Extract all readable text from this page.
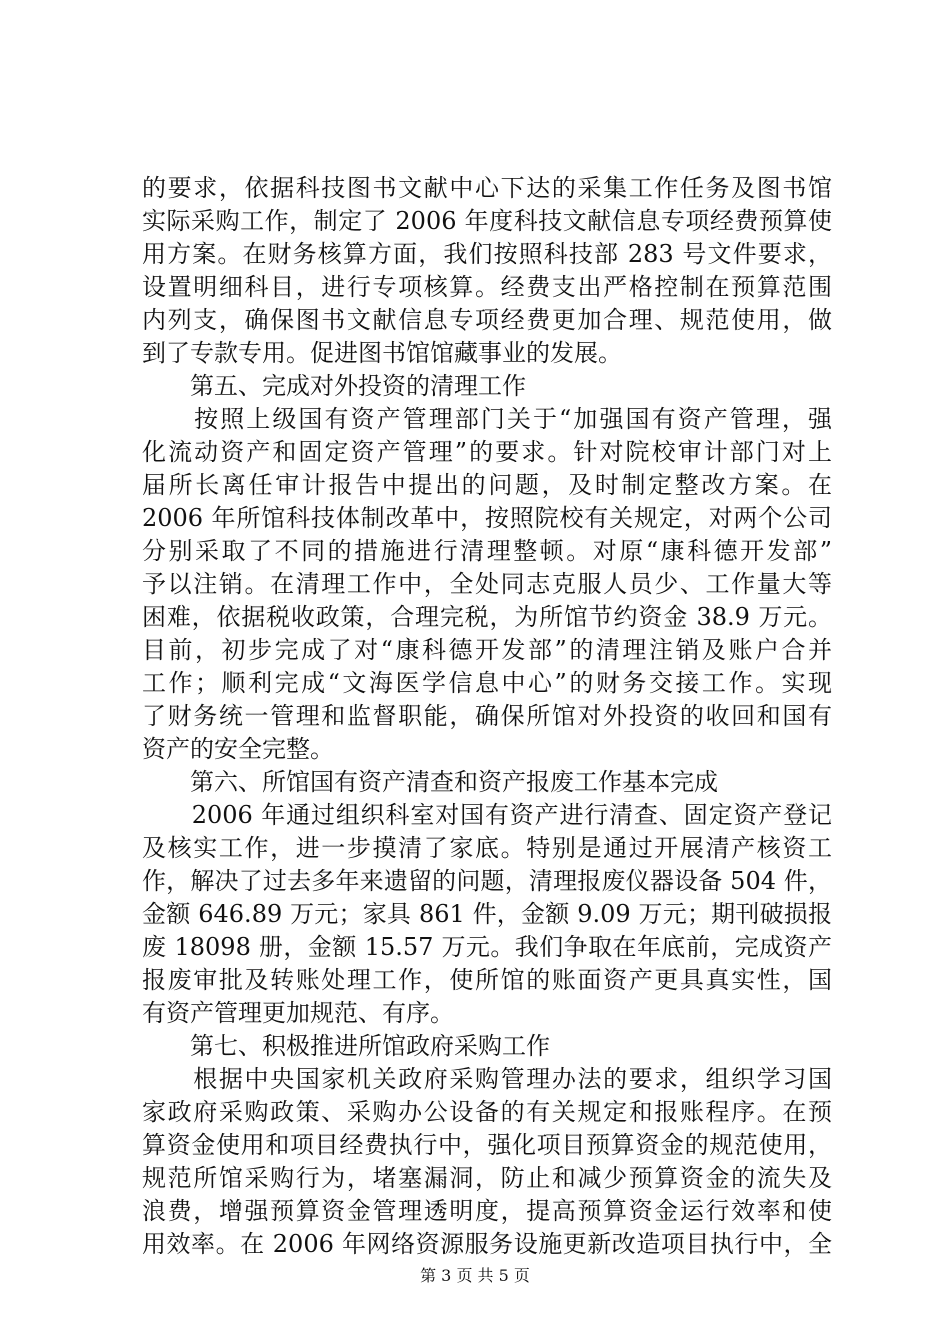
的要求，依据科技图书文献中心下达的采集工作任务及图书馆
实际采购工作，制定了 2006 年度科技文献信息专项经费预算使
用方案。在财务核算方面，我们按照科技部 283 号文件要求，
设置明细科目，进行专项核算。经费支出严格控制在预算范围
内列支，确保图书文献信息专项经费更加合理、规范使用，做
到了专款专用。促进图书馆馆藏事业的发展。
　　第五、完成对外投资的清理工作
　　按照上级国有资产管理部门关于“加强国有资产管理，强
化流动资产和固定资产管理”的要求。针对院校审计部门对上
届所长离任审计报告中提出的问题，及时制定整改方案。在
2006 年所馆科技体制改革中，按照院校有关规定，对两个公司
分别采取了不同的措施进行清理整顿。对原“康科德开发部”
予以注销。在清理工作中，全处同志克服人员少、工作量大等
困难，依据税收政策，合理完税，为所馆节约资金 38.9 万元。
目前，初步完成了对“康科德开发部”的清理注销及账户合并
工作；顺利完成“文海医学信息中心”的财务交接工作。实现
了财务统一管理和监督职能，确保所馆对外投资的收回和国有
资产的安全完整。
　　第六、所馆国有资产清查和资产报废工作基本完成
　　2006 年通过组织科室对国有资产进行清查、固定资产登记
及核实工作，进一步摸清了家底。特别是通过开展清产核资工
作，解决了过去多年来遗留的问题，清理报废仪器设备 504 件，
金额 646.89 万元；家具 861 件，金额 9.09 万元；期刊破损报
废 18098 册，金额 15.57 万元。我们争取在年底前，完成资产
报废审批及转账处理工作，使所馆的账面资产更具真实性，国
有资产管理更加规范、有序。
　　第七、积极推进所馆政府采购工作
　　根据中央国家机关政府采购管理办法的要求，组织学习国
家政府采购政策、采购办公设备的有关规定和报账程序。在预
算资金使用和项目经费执行中，强化项目预算资金的规范使用，
规范所馆采购行为，堵塞漏洞，防止和减少预算资金的流失及
浪费，增强预算资金管理透明度，提高预算资金运行效率和使
用效率。在 2006 年网络资源服务设施更新改造项目执行中，全
第 3 页 共 5 页
